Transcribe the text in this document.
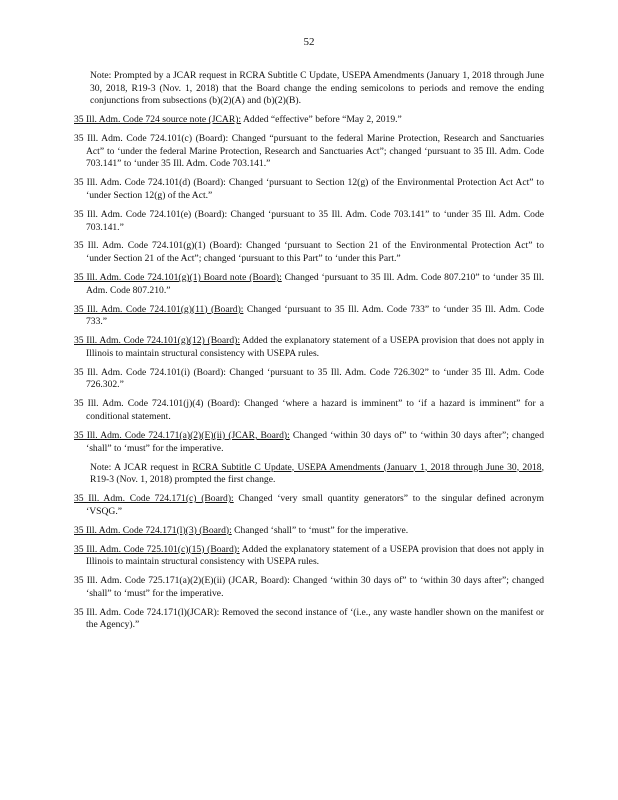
52

Note: Prompted by a JCAR request in RCRA Subtitle C Update, USEPA Amendments (January 1, 2018 through June 30, 2018, R19-3 (Nov. 1, 2018) that the Board change the ending semicolons to periods and remove the ending conjunctions from subsections (b)(2)(A) and (b)(2)(B).

35 Ill. Adm. Code 724 source note (JCAR): Added “effective” before “May 2, 2019.”

35 Ill. Adm. Code 724.101(c) (Board): Changed “pursuant to the federal Marine Protection, Research and Sanctuaries Act” to ‘under the federal Marine Protection, Research and Sanctuaries Act”; changed ‘pursuant to 35 Ill. Adm. Code 703.141” to ‘under 35 Ill. Adm. Code 703.141.”

35 Ill. Adm. Code 724.101(d) (Board): Changed ‘pursuant to Section 12(g) of the Environmental Protection Act Act” to ‘under Section 12(g) of the Act.”

35 Ill. Adm. Code 724.101(e) (Board): Changed ‘pursuant to 35 Ill. Adm. Code 703.141” to ‘under 35 Ill. Adm. Code 703.141.”

35 Ill. Adm. Code 724.101(g)(1) (Board): Changed ‘pursuant to Section 21 of the Environmental Protection Act” to ‘under Section 21 of the Act”; changed ‘pursuant to this Part” to ‘under this Part.”

35 Ill. Adm. Code 724.101(g)(1) Board note (Board): Changed ‘pursuant to 35 Ill. Adm. Code 807.210” to ‘under 35 Ill. Adm. Code 807.210.”

35 Ill. Adm. Code 724.101(g)(11) (Board): Changed ‘pursuant to 35 Ill. Adm. Code 733” to ‘under 35 Ill. Adm. Code 733.”

35 Ill. Adm. Code 724.101(g)(12) (Board): Added the explanatory statement of a USEPA provision that does not apply in Illinois to maintain structural consistency with USEPA rules.

35 Ill. Adm. Code 724.101(i) (Board): Changed ‘pursuant to 35 Ill. Adm. Code 726.302” to ‘under 35 Ill. Adm. Code 726.302.”

35 Ill. Adm. Code 724.101(j)(4) (Board): Changed ‘where a hazard is imminent” to ‘if a hazard is imminent” for a conditional statement.

35 Ill. Adm. Code 724.171(a)(2)(E)(ii) (JCAR, Board): Changed ‘within 30 days of” to ‘within 30 days after”; changed ‘shall” to ‘must” for the imperative.

Note: A JCAR request in RCRA Subtitle C Update, USEPA Amendments (January 1, 2018 through June 30, 2018, R19-3 (Nov. 1, 2018) prompted the first change.

35 Ill. Adm. Code 724.171(c) (Board): Changed ‘very small quantity generators” to the singular defined acronym ‘VSQG.”

35 Ill. Adm. Code 724.171(l)(3) (Board): Changed ‘shall” to ‘must” for the imperative.

35 Ill. Adm. Code 725.101(c)(15) (Board): Added the explanatory statement of a USEPA provision that does not apply in Illinois to maintain structural consistency with USEPA rules.

35 Ill. Adm. Code 725.171(a)(2)(E)(ii) (JCAR, Board): Changed ‘within 30 days of” to ‘within 30 days after”; changed ‘shall” to ‘must” for the imperative.

35 Ill. Adm. Code 724.171(l)(JCAR): Removed the second instance of ‘(i.e., any waste handler shown on the manifest or the Agency).”
